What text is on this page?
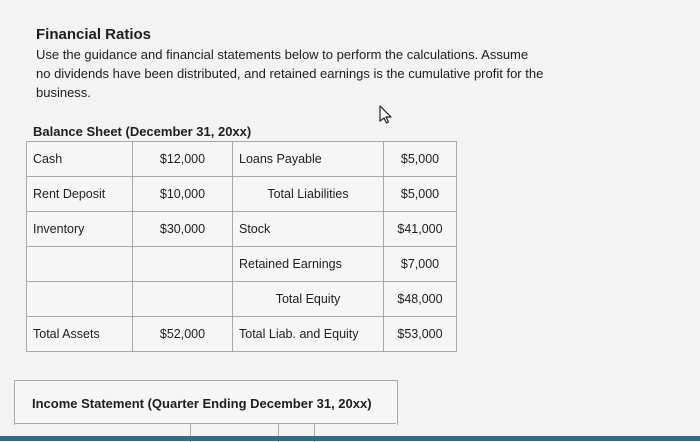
Financial Ratios
Use the guidance and financial statements below to perform the calculations. Assume no dividends have been distributed, and retained earnings is the cumulative profit for the business.
Balance Sheet (December 31, 20xx)
Cash	$12,000	Loans Payable	$5,000
Rent Deposit	$10,000	Total Liabilities	$5,000
Inventory	$30,000	Stock	$41,000
		Retained Earnings	$7,000
		Total Equity	$48,000
Total Assets	$52,000	Total Liab. and Equity	$53,000
Income Statement (Quarter Ending December 31, 20xx)
